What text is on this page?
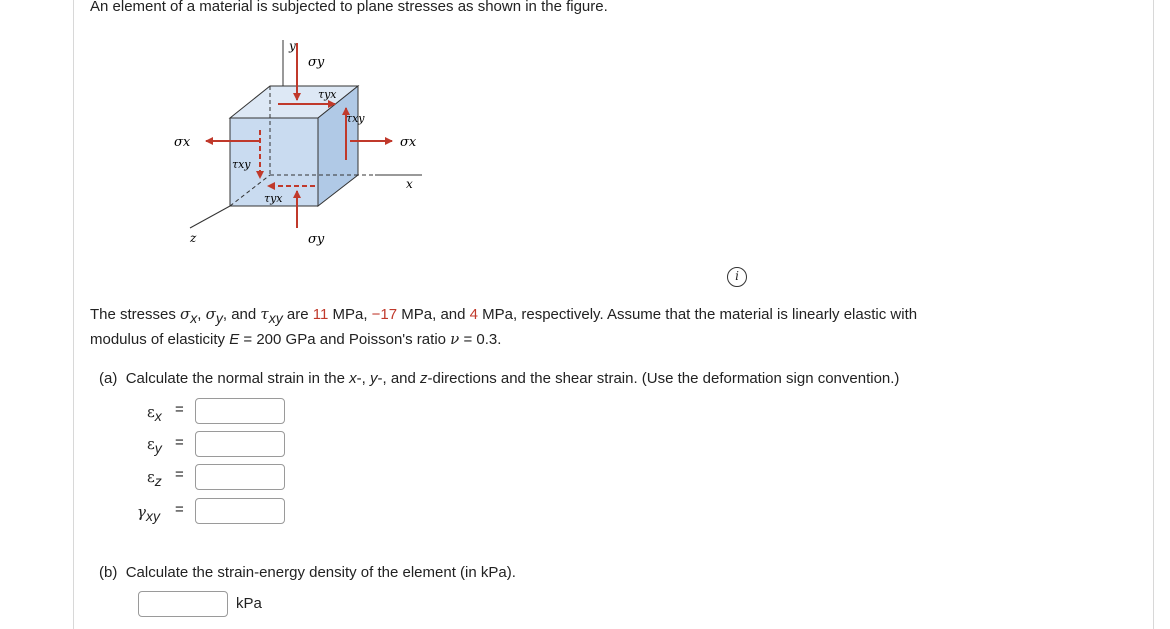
An element of a material is subjected to plane stresses as shown in the figure.
y
x
z
σy
τyx
τxy
σx
σx
τxy
τyx
σy
i
The stresses $\sigma_x$, $\sigma_y$, and $\tau_{xy}$ are 11 MPa, −17 MPa, and 4 MPa, respectively. Assume that the material is linearly elastic with
modulus of elasticity E = 200 GPa and Poisson's ratio ν = 0.3.
(a) Calculate the normal strain in the x-, y-, and z-directions and the shear strain. (Use the deformation sign convention.)
$\varepsilon_x$ =
$\varepsilon_y$ =
$\varepsilon_z$ =
$\gamma_{xy}$ =
(b) Calculate the strain-energy density of the element (in kPa).
kPa
